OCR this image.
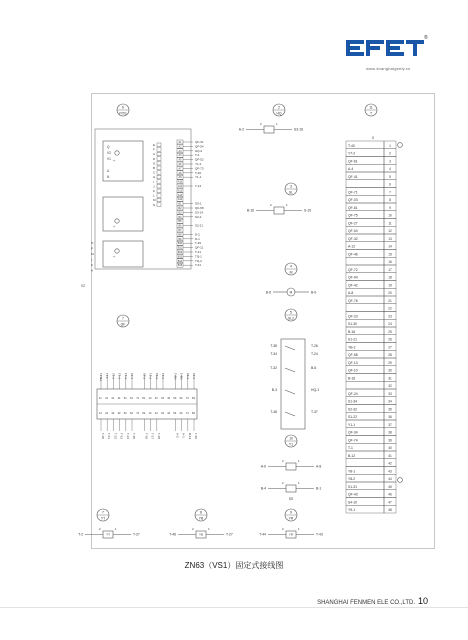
®
www.shanghaigeely.cn
6
POS
Q
V2
V1
U
N
+
+
+
A1	QF-31
A2	QF-54
A3	HQ-2
A4	T-4
A5	QF-52
A6	Y1-2
A7	QF-73
A8	T-36
A9	Y1-1
A10
A11	T-14
A12
A13
A14
B1	SS-1
B2	QF-68
B3	S3-14
B4	S2-2
B5
B6	S2-21
B7
B8	D-2
B9	D-1
B10	T-25
B11	QF-11
B12	T-41
B13	TQ-1
B14	TQ-2
B15	T-31
E
F
A
D
G
B
C
H
I
J
K
L
M
N
O
P
M
L
K
A
V2
2
HQ
A-2	S3-16
2	1
3
SL
B-16	S-10
2	1
4
M
M
B-6	B-9
5
SL2
T-38	T-26
T-34	T-24
T-32	B-6
B-3	HQ-1
T-48	T-37
10
Y1
A-6	A-8
2	1
B-4	B-1
2	1
SS
11
T
X
T-40	1
Y7-2	2
QF-61	3
A-4	4
QF-41	5
6
QF-71	7
QF-03	8
QF-61	9
QF-75	10
QF-27	11
QF-04	12
QF-32	13
A-12	14
QF-46	15
16
QF-72	17
QF-04	18
QF-42	19
A-8	20
QF-76	21
22
QF-23	23
S1-30	24
B-16	25
S1-21	26
YB-2	27
QF-58	28
QF-13	29
QF-10	30
B-16	31
32
QF-24	33
S1-34	34
S2-32	35
S1-22	36
Y1-1	37
QF-34	38
QF-74	39
T-1	40
B-12	41
42
Y8-1	43
Y8-2	44
S1-31	45
QF-43	46
S4-10	47
Y9-1	48
7
QF
11 21 31 41 51 61 71 81 13 23 33 43 53 63 73 83
12 22 32 42 52 62 72 82 14 24 34 44 54 64 74 84
YB-11 T-11 T-12 T-13 T-14 T-15	T-20 T-21 T-22 T-23	YB-2 YB-3 T-35 T-36
T-30 T-31 T-32 T-33 T-34 T-35	T-36 T-37 T-38	A-2 A-3 B-12 T-40
7
YT
T-2	T-27
2	1
YT
8
YB
T-46	T-27
2	1
YB
9
YR
T-44	T-43
2	1
YR
ZN63（VS1）固定式接线图
SHANGHAI FENMEN ELE CO.,LTD. 10
